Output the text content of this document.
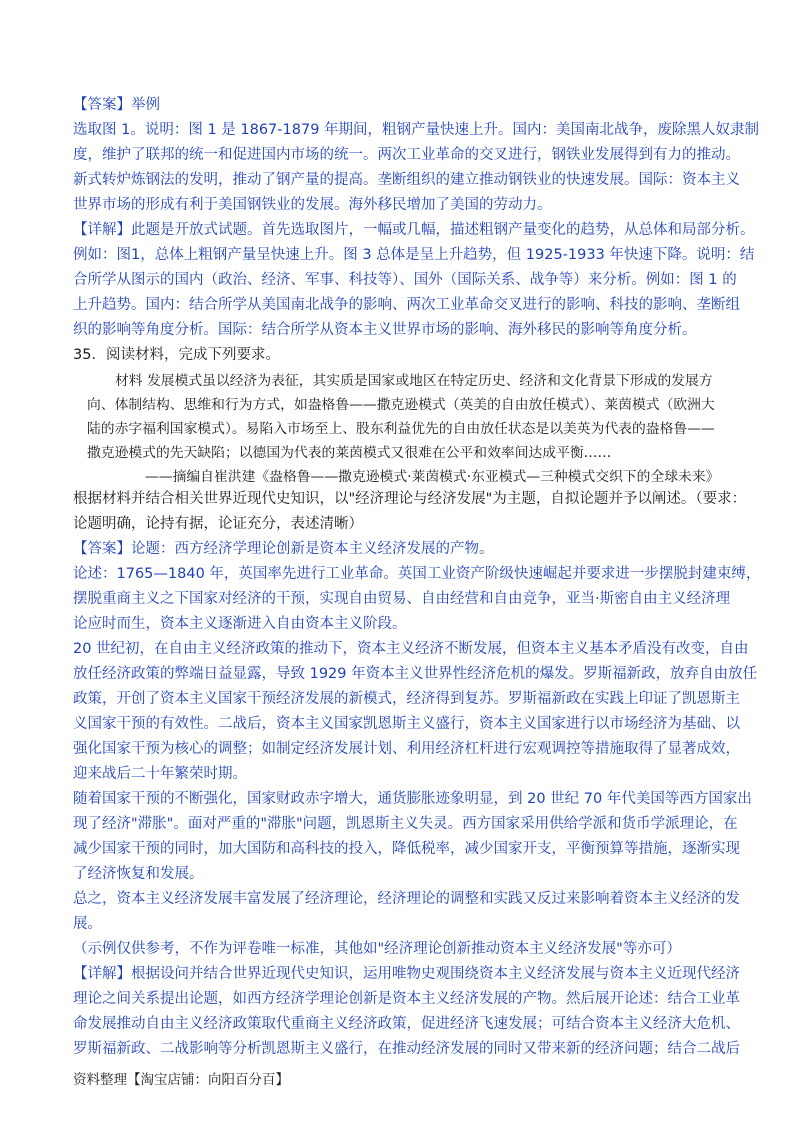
【答案】举例
选取图 1。说明：图 1 是 1867-1879 年期间，粗钢产量快速上升。国内：美国南北战争，废除黑人奴隶制
度，维护了联邦的统一和促进国内市场的统一。两次工业革命的交叉进行，钢铁业发展得到有力的推动。
新式转炉炼钢法的发明，推动了钢产量的提高。垄断组织的建立推动钢铁业的快速发展。国际：资本主义
世界市场的形成有利于美国钢铁业的发展。海外移民增加了美国的劳动力。
【详解】此题是开放式试题。首先选取图片，一幅或几幅，描述粗钢产量变化的趋势，从总体和局部分析。
例如：图1，总体上粗钢产量呈快速上升。图 3 总体是呈上升趋势，但 1925-1933 年快速下降。说明：结
合所学从图示的国内（政治、经济、军事、科技等）、国外（国际关系、战争等）来分析。例如：图 1 的
上升趋势。国内：结合所学从美国南北战争的影响、两次工业革命交叉进行的影响、科技的影响、垄断组
织的影响等角度分析。国际：结合所学从资本主义世界市场的影响、海外移民的影响等角度分析。
35．阅读材料，完成下列要求。
材料 发展模式虽以经济为表征，其实质是国家或地区在特定历史、经济和文化背景下形成的发展方
向、体制结构、思维和行为方式，如盎格鲁——撒克逊模式（英美的自由放任模式）、莱茵模式（欧洲大
陆的赤字福利国家模式）。易陷入市场至上、股东利益优先的自由放任状态是以美英为代表的盎格鲁——
撒克逊模式的先天缺陷；以德国为代表的莱茵模式又很难在公平和效率间达成平衡……
——摘编自崔洪建《盎格鲁——撒克逊模式·莱茵模式·东亚模式—三种模式交织下的全球未来》
根据材料并结合相关世界近现代史知识，以"经济理论与经济发展"为主题，自拟论题并予以阐述。（要求：
论题明确，论持有据，论证充分，表述清晰）
【答案】论题：西方经济学理论创新是资本主义经济发展的产物。
论述：1765—1840 年，英国率先进行工业革命。英国工业资产阶级快速崛起并要求进一步摆脱封建束缚，
摆脱重商主义之下国家对经济的干预，实现自由贸易、自由经营和自由竞争，亚当·斯密自由主义经济理
论应时而生，资本主义逐渐进入自由资本主义阶段。
20 世纪初，在自由主义经济政策的推动下，资本主义经济不断发展，但资本主义基本矛盾没有改变，自由
放任经济政策的弊端日益显露，导致 1929 年资本主义世界性经济危机的爆发。罗斯福新政，放弃自由放任
政策，开创了资本主义国家干预经济发展的新模式，经济得到复苏。罗斯福新政在实践上印证了凯恩斯主
义国家干预的有效性。二战后，资本主义国家凯恩斯主义盛行，资本主义国家进行以市场经济为基础、以
强化国家干预为核心的调整；如制定经济发展计划、利用经济杠杆进行宏观调控等措施取得了显著成效，
迎来战后二十年繁荣时期。
随着国家干预的不断强化，国家财政赤字增大，通货膨胀迹象明显，到 20 世纪 70 年代美国等西方国家出
现了经济"滞胀"。面对严重的"滞胀"问题，凯恩斯主义失灵。西方国家采用供给学派和货币学派理论，在
减少国家干预的同时，加大国防和高科技的投入，降低税率，减少国家开支，平衡预算等措施，逐渐实现
了经济恢复和发展。
总之，资本主义经济发展丰富发展了经济理论，经济理论的调整和实践又反过来影响着资本主义经济的发
展。
（示例仅供参考，不作为评卷唯一标准，其他如"经济理论创新推动资本主义经济发展"等亦可）
【详解】根据设问并结合世界近现代史知识，运用唯物史观围绕资本主义经济发展与资本主义近现代经济
理论之间关系提出论题，如西方经济学理论创新是资本主义经济发展的产物。然后展开论述：结合工业革
命发展推动自由主义经济政策取代重商主义经济政策，促进经济飞速发展；可结合资本主义经济大危机、
罗斯福新政、二战影响等分析凯恩斯主义盛行，在推动经济发展的同时又带来新的经济问题；结合二战后
资料整理【淘宝店铺：向阳百分百】
